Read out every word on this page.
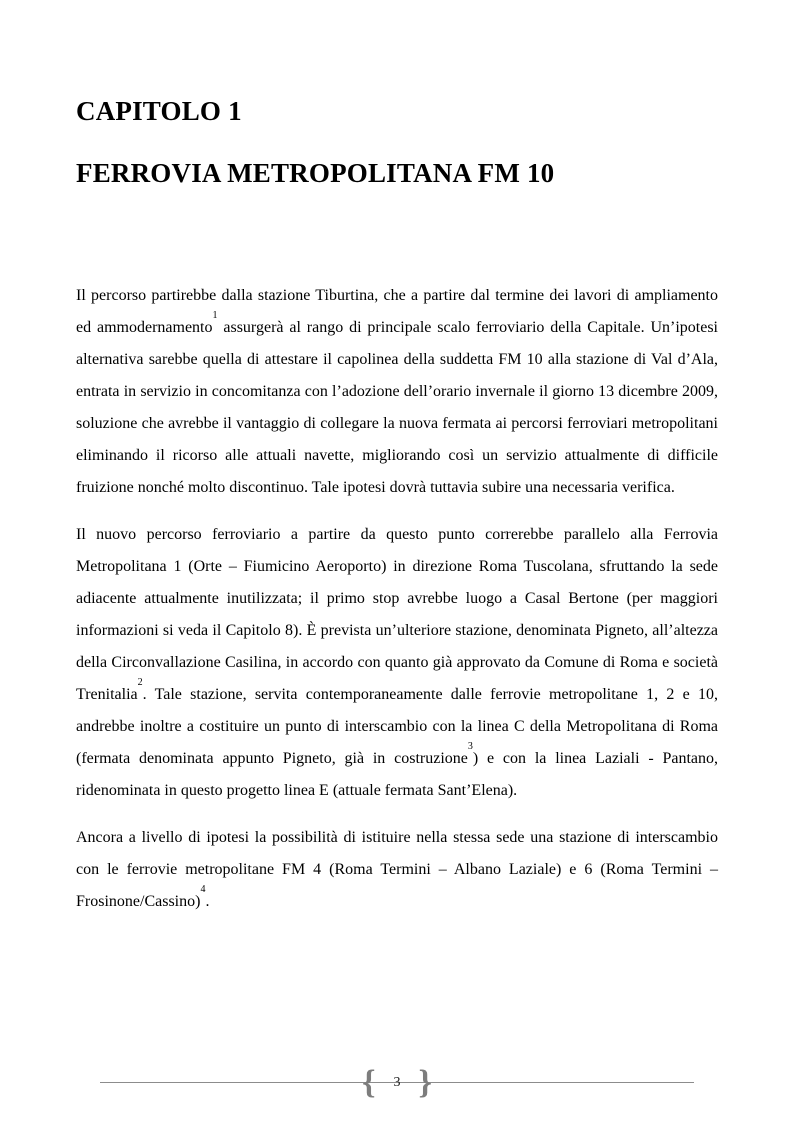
CAPITOLO 1
FERROVIA METROPOLITANA FM 10

Il percorso partirebbe dalla stazione Tiburtina, che a partire dal termine dei lavori di ampliamento ed ammodernamento$^1$ assurgerà al rango di principale scalo ferroviario della Capitale. Un’ipotesi alternativa sarebbe quella di attestare il capolinea della suddetta FM 10 alla stazione di Val d’Ala, entrata in servizio in concomitanza con l’adozione dell’orario invernale il giorno 13 dicembre 2009, soluzione che avrebbe il vantaggio di collegare la nuova fermata ai percorsi ferroviari metropolitani eliminando il ricorso alle attuali navette, migliorando così un servizio attualmente di difficile fruizione nonché molto discontinuo. Tale ipotesi dovrà tuttavia subire una necessaria verifica.

Il nuovo percorso ferroviario a partire da questo punto correrebbe parallelo alla Ferrovia Metropolitana 1 (Orte – Fiumicino Aeroporto) in direzione Roma Tuscolana, sfruttando la sede adiacente attualmente inutilizzata; il primo stop avrebbe luogo a Casal Bertone (per maggiori informazioni si veda il Capitolo 8). È prevista un’ulteriore stazione, denominata Pigneto, all’altezza della Circonvallazione Casilina, in accordo con quanto già approvato da Comune di Roma e società Trenitalia$^2$. Tale stazione, servita contemporaneamente dalle ferrovie metropolitane 1, 2 e 10, andrebbe inoltre a costituire un punto di interscambio con la linea C della Metropolitana di Roma (fermata denominata appunto Pigneto, già in costruzione$^3$) e con la linea Laziali - Pantano, ridenominata in questo progetto linea E (attuale fermata Sant’Elena).

Ancora a livello di ipotesi la possibilità di istituire nella stessa sede una stazione di interscambio con le ferrovie metropolitane FM 4 (Roma Termini – Albano Laziale) e 6 (Roma Termini – Frosinone/Cassino)$^4$.

{	3 }
